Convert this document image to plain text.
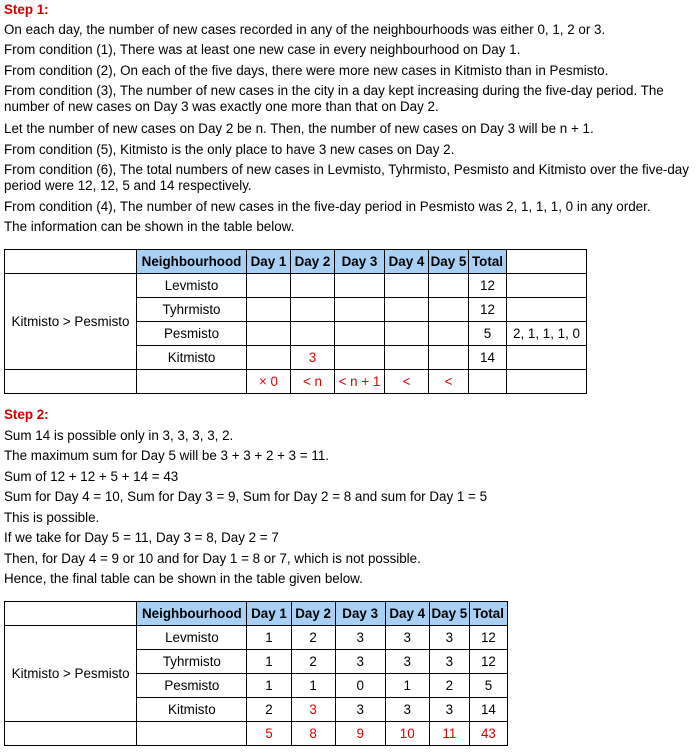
Step 1:
On each day, the number of new cases recorded in any of the neighbourhoods was either 0, 1, 2 or 3.
From condition (1), There was at least one new case in every neighbourhood on Day 1.
From condition (2), On each of the five days, there were more new cases in Kitmisto than in Pesmisto.
From condition (3), The number of new cases in the city in a day kept increasing during the five-day period. The number of new cases on Day 3 was exactly one more than that on Day 2.
Let the number of new cases on Day 2 be n. Then, the number of new cases on Day 3 will be n + 1.
From condition (5), Kitmisto is the only place to have 3 new cases on Day 2.
From condition (6), The total numbers of new cases in Levmisto, Tyhrmisto, Pesmisto and Kitmisto over the five-day period were 12, 12, 5 and 14 respectively.
From condition (4), The number of new cases in the five-day period in Pesmisto was 2, 1, 1, 1, 0 in any order.
The information can be shown in the table below.
	Neighbourhood	Day 1	Day 2	Day 3	Day 4	Day 5	Total	
Kitmisto > Pesmisto	Levmisto						12	
	Tyhrmisto						12	
	Pesmisto						5	2, 1, 1, 1, 0
	Kitmisto		3				14	
		× 0	< n	< n + 1	<	<		
Step 2:
Sum 14 is possible only in 3, 3, 3, 3, 2.
The maximum sum for Day 5 will be 3 + 3 + 2 + 3 = 11.
Sum of 12 + 12 + 5 + 14 = 43
Sum for Day 4 = 10, Sum for Day 3 = 9, Sum for Day 2 = 8 and sum for Day 1 = 5
This is possible.
If we take for Day 5 = 11, Day 3 = 8, Day 2 = 7
Then, for Day 4 = 9 or 10 and for Day 1 = 8 or 7, which is not possible.
Hence, the final table can be shown in the table given below.
	Neighbourhood	Day 1	Day 2	Day 3	Day 4	Day 5	Total
Kitmisto > Pesmisto	Levmisto	1	2	3	3	3	12
	Tyhrmisto	1	2	3	3	3	12
	Pesmisto	1	1	0	1	2	5
	Kitmisto	2	3	3	3	3	14
		5	8	9	10	11	43
